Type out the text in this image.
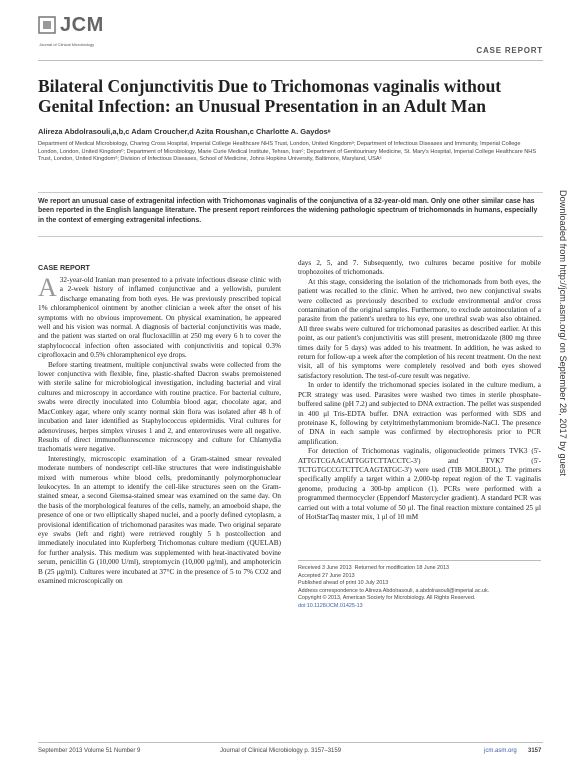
JCM
Journal of Clinical Microbiology
CASE REPORT
Bilateral Conjunctivitis Due to Trichomonas vaginalis without Genital Infection: an Unusual Presentation in an Adult Man
Alireza Abdolrasouli,a,b,c Adam Croucher,d Azita Roushan,c Charlotte A. Gaydosᵉ
Department of Medical Microbiology, Charing Cross Hospital, Imperial College Healthcare NHS Trust, London, United Kingdomᵃ; Department of Infectious Diseases and Immunity, Imperial College London, London, United Kingdomᵇ; Department of Microbiology, Marie Curie Medical Institute, Tehran, Iranᶜ; Department of Genitourinary Medicine, St. Mary's Hospital, Imperial College Healthcare NHS Trust, London, United Kingdomᵈ; Division of Infectious Diseases, School of Medicine, Johns Hopkins University, Baltimore, Maryland, USAᵉ
We report an unusual case of extragenital infection with Trichomonas vaginalis of the conjunctiva of a 32-year-old man. Only one other similar case has been reported in the English language literature. The present report reinforces the widening pathologic spectrum of trichomonads in humans, especially in the context of emerging extragenital infections.	Downloaded from http://jcm.asm.org/ on September 28, 2017 by guest
CASE REPORT

A 32-year-old Iranian man presented to a private infectious disease clinic with a 2-week history of inflamed conjunctivae and a yellowish, purulent discharge emanating from both eyes. He was previously prescribed topical 1% chloramphenicol ointment by another clinician a week after the onset of his symptoms with no obvious improvement. On physical examination, he appeared well and his vision was normal. A diagnosis of bacterial conjunctivitis was made, and the patient was started on oral flucloxacillin at 250 mg every 6 h to cover the staphylococcal infection often associated with conjunctivitis and topical 0.3% ciprofloxacin and 0.5% chloramphenicol eye drops.

Before starting treatment, multiple conjunctival swabs were collected from the lower conjunctiva with flexible, fine, plastic-shafted Dacron swabs premoistened with sterile saline for microbiological investigation, including bacterial and viral cultures and microscopy in accordance with routine practice. For bacterial culture, swabs were directly inoculated into Columbia blood agar, chocolate agar, and MacConkey agar, where only scanty normal skin flora was isolated after 48 h of incubation and later identified as Staphylococcus epidermidis. Viral cultures for adenoviruses, herpes simplex viruses 1 and 2, and enteroviruses were all negative. Results of direct immunofluorescence microscopy and culture for Chlamydia trachomatis were negative.

Interestingly, microscopic examination of a Gram-stained smear revealed moderate numbers of nondescript cell-like structures that were indistinguishable mixed with numerous white blood cells, predominantly polymorphonuclear leukocytes. In an attempt to identify the cell-like structures seen on the Gram-stained smear, a second Giemsa-stained smear was examined on the same day. On the basis of the morphological features of the cells, namely, an amoeboid shape, the presence of one or two elliptically shaped nuclei, and a poorly defined cytoplasm, a provisional identification of trichomonad parasites was made. Two original separate eye swabs (left and right) were retrieved roughly 5 h postcollection and immediately inoculated into Kupferberg Trichomonas culture medium (QUELAB) for further analysis. This medium was supplemented with heat-inactivated bovine serum, penicillin G (10,000 U/ml), streptomycin (10,000 μg/ml), and amphotericin B (25 μg/ml). Cultures were incubated at 37°C in the presence of 5 to 7% CO2 and examined microscopically on

days 2, 5, and 7. Subsequently, two cultures became positive for mobile trophozoites of trichomonads.

At this stage, considering the isolation of the trichomonads from both eyes, the patient was recalled to the clinic. When he arrived, two new conjunctival swabs were collected as previously described to exclude environmental and/or cross contamination of the original samples. Furthermore, to exclude autoinoculation of a parasite from the patient's urethra to his eye, one urethral swab was also obtained. All three swabs were cultured for trichomonad parasites as described earlier. At this point, as our patient's conjunctivitis was still present, metronidazole (800 mg three times daily for 5 days) was added to his treatment. In addition, he was asked to return for follow-up a week after the completion of his recent treatment. On the next visit, all of his symptoms were completely resolved and both eyes showed satisfactory resolution. The test-of-cure result was negative.

In order to identify the trichomonad species isolated in the culture medium, a PCR strategy was used. Parasites were washed two times in sterile phosphate-buffered saline (pH 7.2) and subjected to DNA extraction. The pellet was suspended in 400 μl Tris-EDTA buffer. DNA extraction was performed with SDS and proteinase K, following by cetyltrimethylammonium bromide-NaCl. The presence of DNA in each sample was confirmed by electrophoresis prior to PCR amplification.

For detection of Trichomonas vaginalis, oligonucleotide primers TVK3 (5'-ATTGTCGAACATTGGTCTTACCTC-3') and TVK7 (5'-TCTGTGCCGTCTTCAAGTATGC-3') were used (TIB MOLBIOL). The primers specifically amplify a target within a 2,000-bp repeat region of the T. vaginalis genome, producing a 300-bp amplicon (1). PCRs were performed with a programmed thermocycler (Eppendorf Mastercycler gradient). A standard PCR was carried out with a total volume of 50 μl. The final reaction mixture contained 25 μl of HotStarTaq master mix, 1 μl of 10 mM

Received 3 June 2013 Returned for modification 18 June 2013
Accepted 27 June 2013
Published ahead of print 10 July 2013
Address correspondence to Alireza Abdolrasouli, a.abdolrasouli@imperial.ac.uk.
Copyright © 2013, American Society for Microbiology. All Rights Reserved.
doi:10.1128/JCM.01425-13
September 2013 Volume 51 Number 9	Journal of Clinical Microbiology p. 3157–3159	jcm.asm.org 3157
